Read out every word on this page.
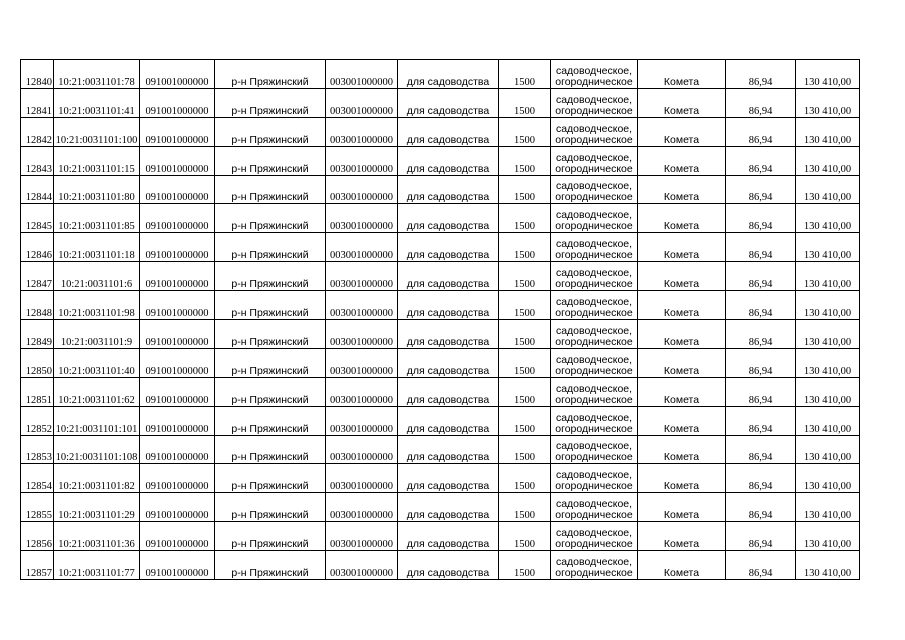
12840	10:21:0031101:78	091001000000	р-н Пряжинский	003001000000	для садоводства	1500	садоводческое,
огородническое	Комета	86,94	130 410,00
12841	10:21:0031101:41	091001000000	р-н Пряжинский	003001000000	для садоводства	1500	садоводческое,
огородническое	Комета	86,94	130 410,00
12842	10:21:0031101:100	091001000000	р-н Пряжинский	003001000000	для садоводства	1500	садоводческое,
огородническое	Комета	86,94	130 410,00
12843	10:21:0031101:15	091001000000	р-н Пряжинский	003001000000	для садоводства	1500	садоводческое,
огородническое	Комета	86,94	130 410,00
12844	10:21:0031101:80	091001000000	р-н Пряжинский	003001000000	для садоводства	1500	садоводческое,
огородническое	Комета	86,94	130 410,00
12845	10:21:0031101:85	091001000000	р-н Пряжинский	003001000000	для садоводства	1500	садоводческое,
огородническое	Комета	86,94	130 410,00
12846	10:21:0031101:18	091001000000	р-н Пряжинский	003001000000	для садоводства	1500	садоводческое,
огородническое	Комета	86,94	130 410,00
12847	10:21:0031101:6	091001000000	р-н Пряжинский	003001000000	для садоводства	1500	садоводческое,
огородническое	Комета	86,94	130 410,00
12848	10:21:0031101:98	091001000000	р-н Пряжинский	003001000000	для садоводства	1500	садоводческое,
огородническое	Комета	86,94	130 410,00
12849	10:21:0031101:9	091001000000	р-н Пряжинский	003001000000	для садоводства	1500	садоводческое,
огородническое	Комета	86,94	130 410,00
12850	10:21:0031101:40	091001000000	р-н Пряжинский	003001000000	для садоводства	1500	садоводческое,
огородническое	Комета	86,94	130 410,00
12851	10:21:0031101:62	091001000000	р-н Пряжинский	003001000000	для садоводства	1500	садоводческое,
огородническое	Комета	86,94	130 410,00
12852	10:21:0031101:101	091001000000	р-н Пряжинский	003001000000	для садоводства	1500	садоводческое,
огородническое	Комета	86,94	130 410,00
12853	10:21:0031101:108	091001000000	р-н Пряжинский	003001000000	для садоводства	1500	садоводческое,
огородническое	Комета	86,94	130 410,00
12854	10:21:0031101:82	091001000000	р-н Пряжинский	003001000000	для садоводства	1500	садоводческое,
огородническое	Комета	86,94	130 410,00
12855	10:21:0031101:29	091001000000	р-н Пряжинский	003001000000	для садоводства	1500	садоводческое,
огородническое	Комета	86,94	130 410,00
12856	10:21:0031101:36	091001000000	р-н Пряжинский	003001000000	для садоводства	1500	садоводческое,
огородническое	Комета	86,94	130 410,00
12857	10:21:0031101:77	091001000000	р-н Пряжинский	003001000000	для садоводства	1500	садоводческое,
огородническое	Комета	86,94	130 410,00
